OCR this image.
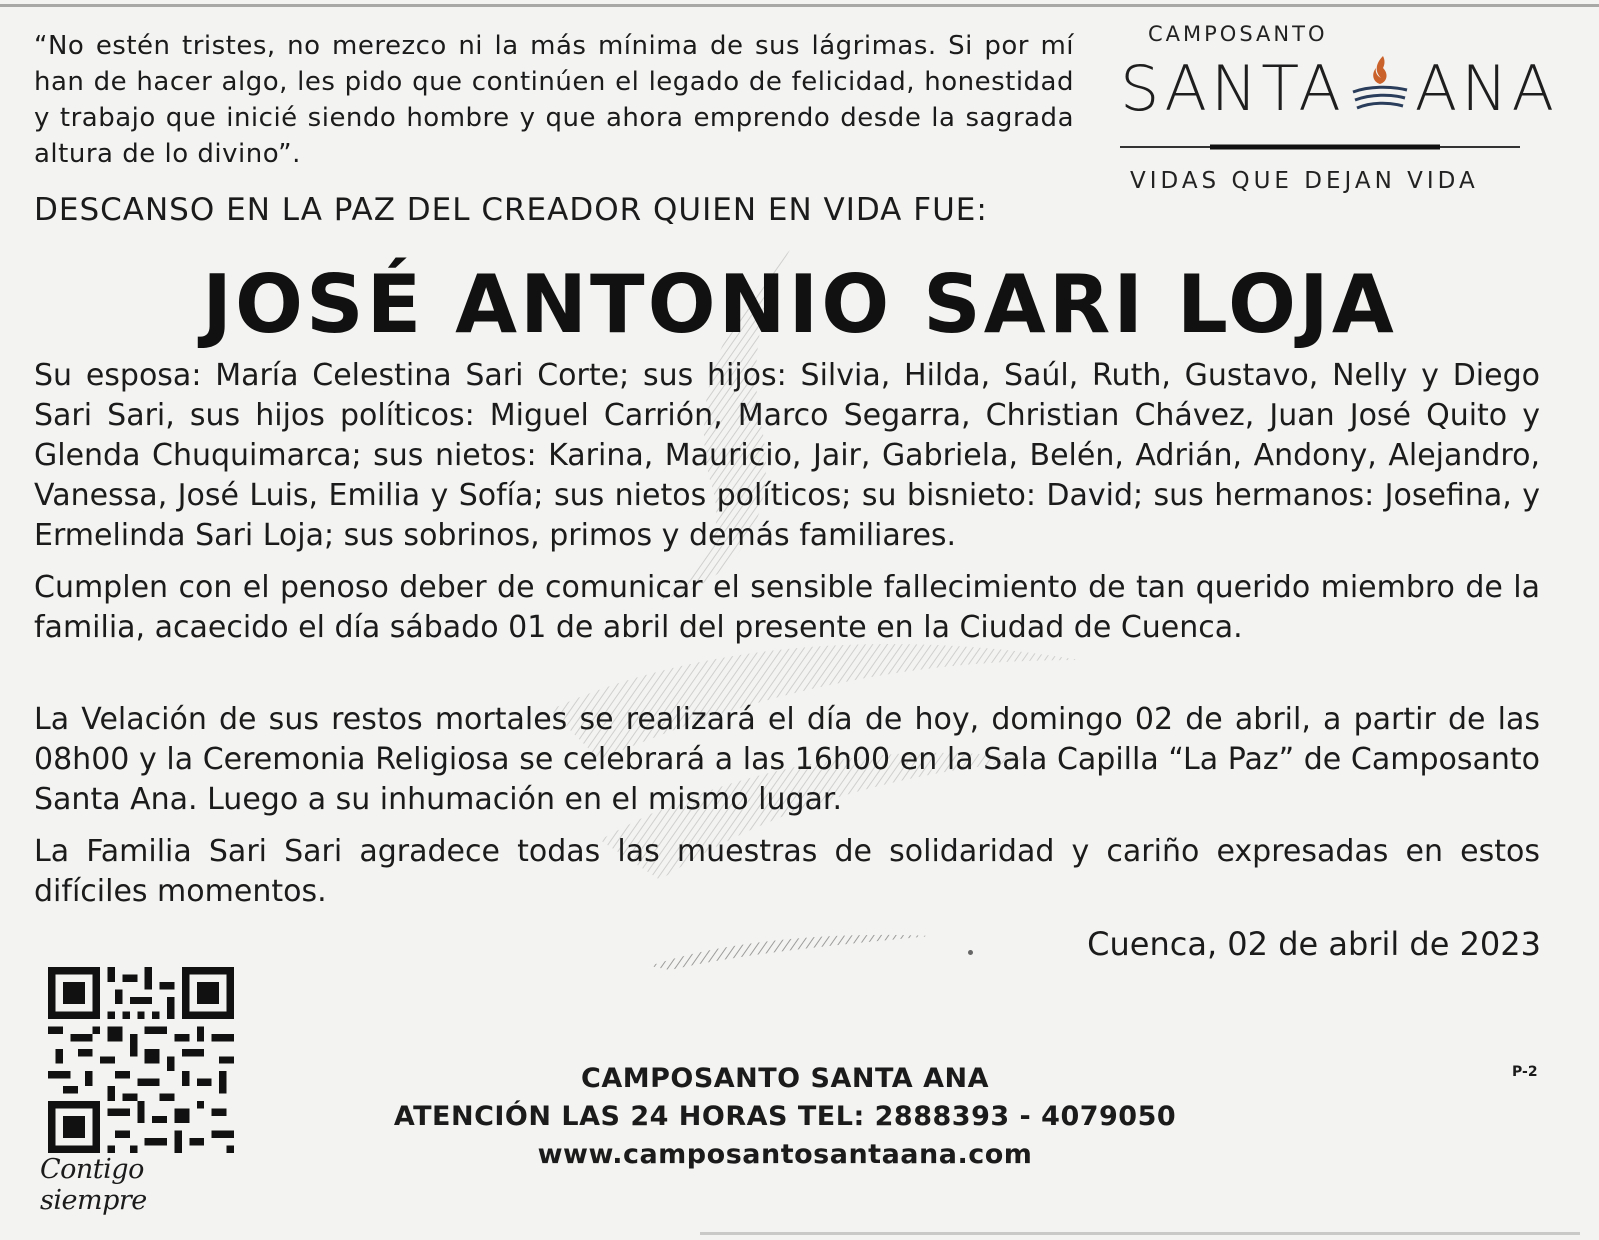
“No estén tristes, no merezco ni la más mínima de sus lágrimas. Si por mí han de hacer algo, les pido que continúen el legado de felicidad, honestidad y trabajo que inicié siendo hombre y que ahora emprendo desde la sagrada altura de lo divino”.

DESCANSO EN LA PAZ DEL CREADOR QUIEN EN VIDA FUE:

CAMPOSANTO
SANTA ANA
VIDAS QUE DEJAN VIDA
JOSÉ ANTONIO SARI LOJA

Su esposa: María Celestina Sari Corte; sus hijos: Silvia, Hilda, Saúl, Ruth, Gustavo, Nelly y Diego Sari Sari, sus hijos políticos: Miguel Carrión, Marco Segarra, Christian Chávez, Juan José Quito y Glenda Chuquimarca; sus nietos: Karina, Mauricio, Jair, Gabriela, Belén, Adrián, Andony, Alejandro, Vanessa, José Luis, Emilia y Sofía; sus nietos políticos; su bisnieto: David; sus hermanos: Josefina, y Ermelinda Sari Loja; sus sobrinos, primos y demás familiares.

Cumplen con el penoso deber de comunicar el sensible fallecimiento de tan querido miembro de la familia, acaecido el día sábado 01 de abril del presente en la Ciudad de Cuenca.

La Velación de sus restos mortales se realizará el día de hoy, domingo 02 de abril, a partir de las 08h00 y la Ceremonia Religiosa se celebrará a las 16h00 en la Sala Capilla “La Paz” de Camposanto Santa Ana. Luego a su inhumación en el mismo lugar.

La Familia Sari Sari agradece todas las muestras de solidaridad y cariño expresadas en estos difíciles momentos.

Cuenca, 02 de abril de 2023

Contigo siempre

CAMPOSANTO SANTA ANA
ATENCIÓN LAS 24 HORAS TEL: 2888393 - 4079050
www.camposantosantaana.com

P-2
